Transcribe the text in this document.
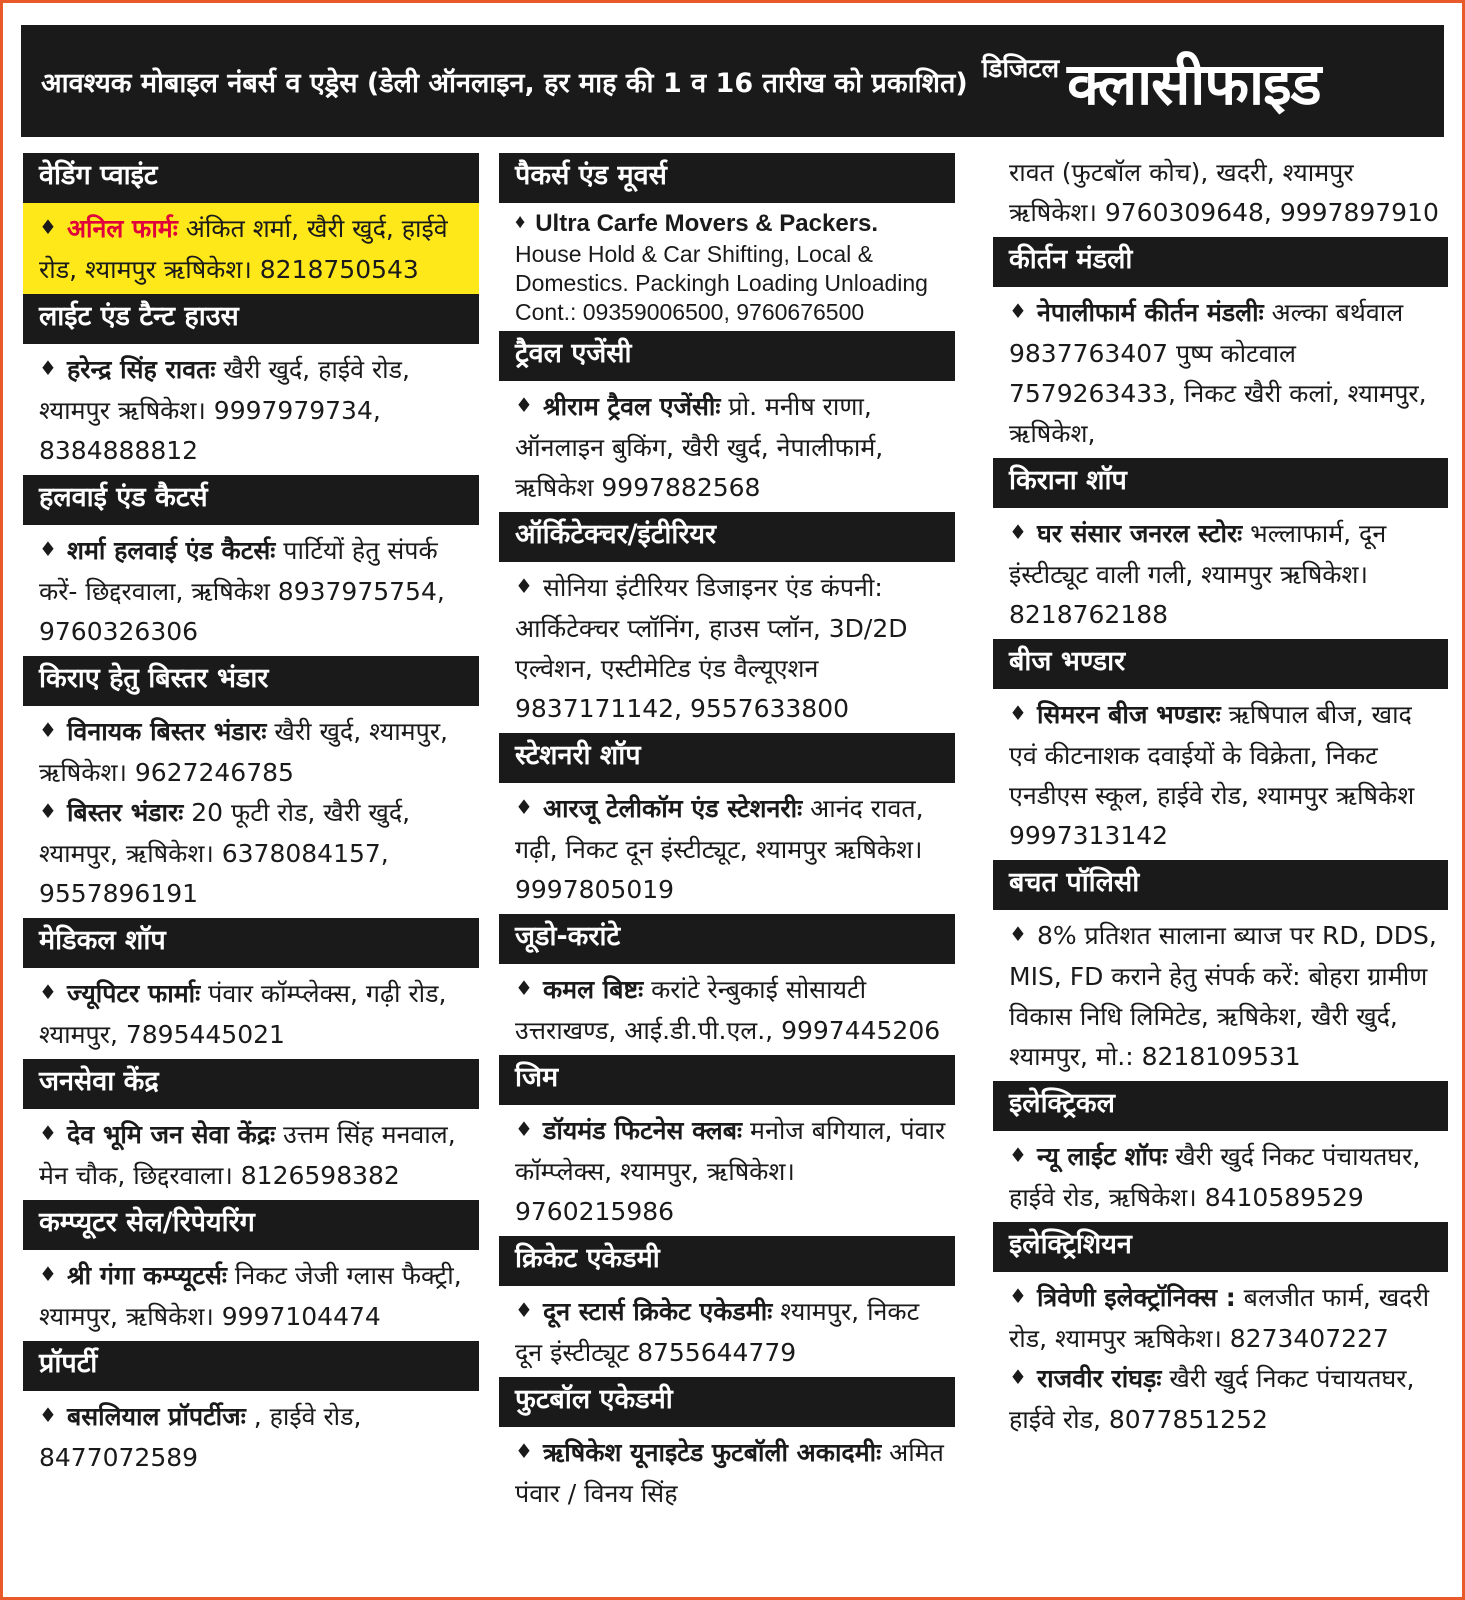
आवश्यक मोबाइल नंबर्स व एड्रेस (डेली ऑनलाइन, हर माह की 1 व 16 तारीख को प्रकाशित) डिजिटल क्लासीफाइड
वेडिंग प्वाइंट
♦ अनिल फार्मः अंकित शर्मा, खैरी खुर्द, हाईवे रोड, श्यामपुर ऋषिकेश। 8218750543
लाईट एंड टैन्ट हाउस
♦ हरेन्द्र सिंह रावतः खैरी खुर्द, हाईवे रोड, श्यामपुर ऋषिकेश। 9997979734, 8384888812
हलवाई एंड कैटर्स
♦ शर्मा हलवाई एंड कैटर्सः पार्टियों हेतु संपर्क करें- छिद्दरवाला, ऋषिकेश 8937975754, 9760326306
किराए हेतु बिस्तर भंडार
♦ विनायक बिस्तर भंडारः खैरी खुर्द, श्यामपुर, ऋषिकेश। 9627246785
♦ बिस्तर भंडारः 20 फूटी रोड, खैरी खुर्द, श्यामपुर, ऋषिकेश। 6378084157, 9557896191
मेडिकल शॉप
♦ ज्यूपिटर फार्माः पंवार कॉम्प्लेक्स, गढ़ी रोड, श्यामपुर, 7895445021
जनसेवा केंद्र
♦ देव भूमि जन सेवा केंद्रः उत्तम सिंह मनवाल, मेन चौक, छिद्दरवाला। 8126598382
कम्प्यूटर सेल/रिपेयरिंग
♦ श्री गंगा कम्प्यूटर्सः निकट जेजी ग्लास फैक्ट्री, श्यामपुर, ऋषिकेश। 9997104474
प्रॉपर्टी
♦ बसलियाल प्रॉपर्टीजः , हाईवे रोड, 8477072589
पैकर्स एंड मूवर्स
♦ Ultra Carfe Movers & Packers. House Hold & Car Shifting, Local & Domestics. Packingh Loading Unloading Cont.: 09359006500, 9760676500
ट्रैवल एजेंसी
♦ श्रीराम ट्रैवल एजेंसीः प्रो. मनीष राणा, ऑनलाइन बुकिंग, खैरी खुर्द, नेपालीफार्म, ऋषिकेश 9997882568
ऑर्किटेक्चर/इंटीरियर
♦ सोनिया इंटीरियर डिजाइनर एंड कंपनी: आर्किटेक्चर प्लॉनिंग, हाउस प्लॉन, 3D/2D एल्वेशन, एस्टीमेटिड एंड वैल्यूएशन 9837171142, 9557633800
स्टेशनरी शॉप
♦ आरजू टेलीकॉम एंड स्टेशनरीः आनंद रावत, गढ़ी, निकट दून इंस्टीट्यूट, श्यामपुर ऋषिकेश। 9997805019
जूडो-करांटे
♦ कमल बिष्टः करांटे रेन्बुकाई सोसायटी उत्तराखण्ड, आई.डी.पी.एल., 9997445206
जिम
♦ डॉयमंड फिटनेस क्लबः मनोज बगियाल, पंवार कॉम्प्लेक्स, श्यामपुर, ऋषिकेश। 9760215986
क्रिकेट एकेडमी
♦ दून स्टार्स क्रिकेट एकेडमीः श्यामपुर, निकट दून इंस्टीट्यूट 8755644779
फुटबॉल एकेडमी
♦ ऋषिकेश यूनाइटेड फुटबॉली अकादमीः अमित पंवार / विनय सिंह
रावत (फुटबॉल कोच), खदरी, श्यामपुर ऋषिकेश। 9760309648, 9997897910
कीर्तन मंडली
♦ नेपालीफार्म कीर्तन मंडलीः अल्का बर्थवाल 9837763407 पुष्प कोटवाल 7579263433, निकट खैरी कलां, श्यामपुर, ऋषिकेश,
किराना शॉप
♦ घर संसार जनरल स्टोरः भल्लाफार्म, दून इंस्टीट्यूट वाली गली, श्यामपुर ऋषिकेश। 8218762188
बीज भण्डार
♦ सिमरन बीज भण्डारः ऋषिपाल बीज, खाद एवं कीटनाशक दवाईयों के विक्रेता, निकट एनडीएस स्कूल, हाईवे रोड, श्यामपुर ऋषिकेश 9997313142
बचत पॉलिसी
♦ 8% प्रतिशत सालाना ब्याज पर RD, DDS, MIS, FD कराने हेतु संपर्क करें: बोहरा ग्रामीण विकास निधि लिमिटेड, ऋषिकेश, खैरी खुर्द, श्यामपुर, मो.: 8218109531
इलेक्ट्रिकल
♦ न्यू लाईट शॉपः खैरी खुर्द निकट पंचायतघर, हाईवे रोड, ऋषिकेश। 8410589529
इलेक्ट्रिशियन
♦ त्रिवेणी इलेक्ट्रॉनिक्स : बलजीत फार्म, खदरी रोड, श्यामपुर ऋषिकेश। 8273407227
♦ राजवीर रांघड़ः खैरी खुर्द निकट पंचायतघर, हाईवे रोड, 8077851252
